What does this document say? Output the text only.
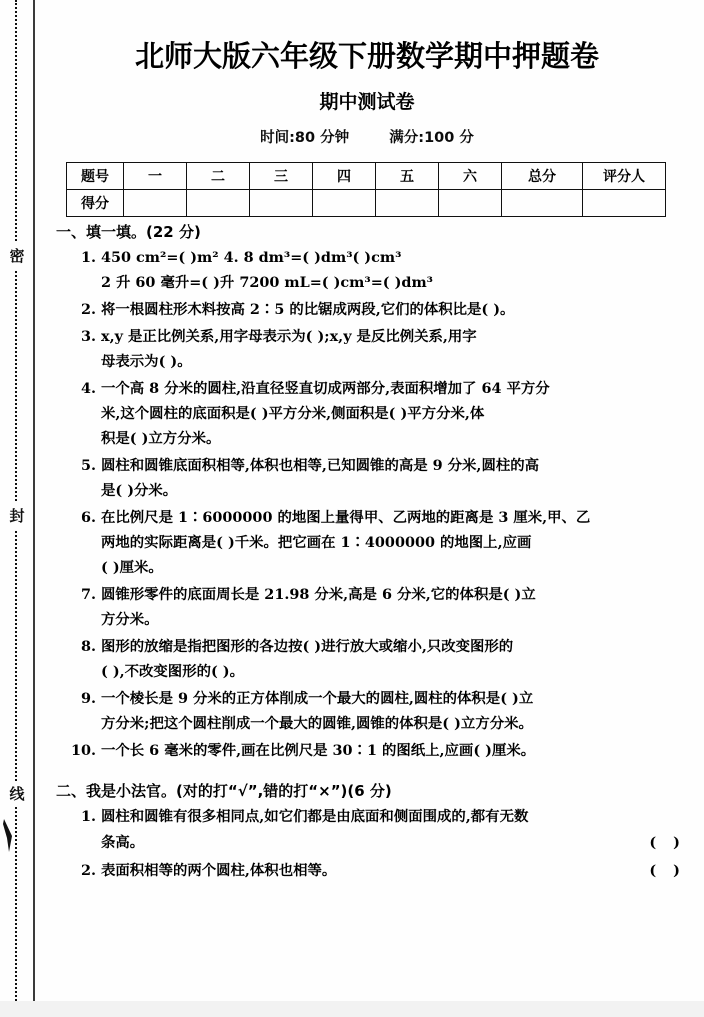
密
封
线
北师大版六年级下册数学期中押题卷
期中测试卷
时间:80 分钟	满分:100 分
题号	一	二	三	四	五	六	总分	评分人
得分								
一、填一填。(22 分)
1. 450 cm²=( )m² 4. 8 dm³=( )dm³( )cm³
2 升 60 毫升=( )升 7200 mL=( )cm³=( )dm³
2. 将一根圆柱形木料按高 2∶5 的比锯成两段,它们的体积比是( )。
3. x,y 是正比例关系,用字母表示为( );x,y 是反比例关系,用字
母表示为( )。
4. 一个高 8 分米的圆柱,沿直径竖直切成两部分,表面积增加了 64 平方分
米,这个圆柱的底面积是( )平方分米,侧面积是( )平方分米,体
积是( )立方分米。
5. 圆柱和圆锥底面积相等,体积也相等,已知圆锥的高是 9 分米,圆柱的高
是( )分米。
6. 在比例尺是 1∶6000000 的地图上量得甲、乙两地的距离是 3 厘米,甲、乙
两地的实际距离是( )千米。把它画在 1∶4000000 的地图上,应画
( )厘米。
7. 圆锥形零件的底面周长是 21.98 分米,高是 6 分米,它的体积是( )立
方分米。
8. 图形的放缩是指把图形的各边按( )进行放大或缩小,只改变图形的
( ),不改变图形的( )。
9. 一个棱长是 9 分米的正方体削成一个最大的圆柱,圆柱的体积是( )立
方分米;把这个圆柱削成一个最大的圆锥,圆锥的体积是( )立方分米。
10. 一个长 6 毫米的零件,画在比例尺是 30∶1 的图纸上,应画( )厘米。
二、我是小法官。(对的打“√”,错的打“×”)(6 分)
1. 圆柱和圆锥有很多相同点,如它们都是由底面和侧面围成的,都有无数
( )
条高。
2.	( )
表面积相等的两个圆柱,体积也相等。
